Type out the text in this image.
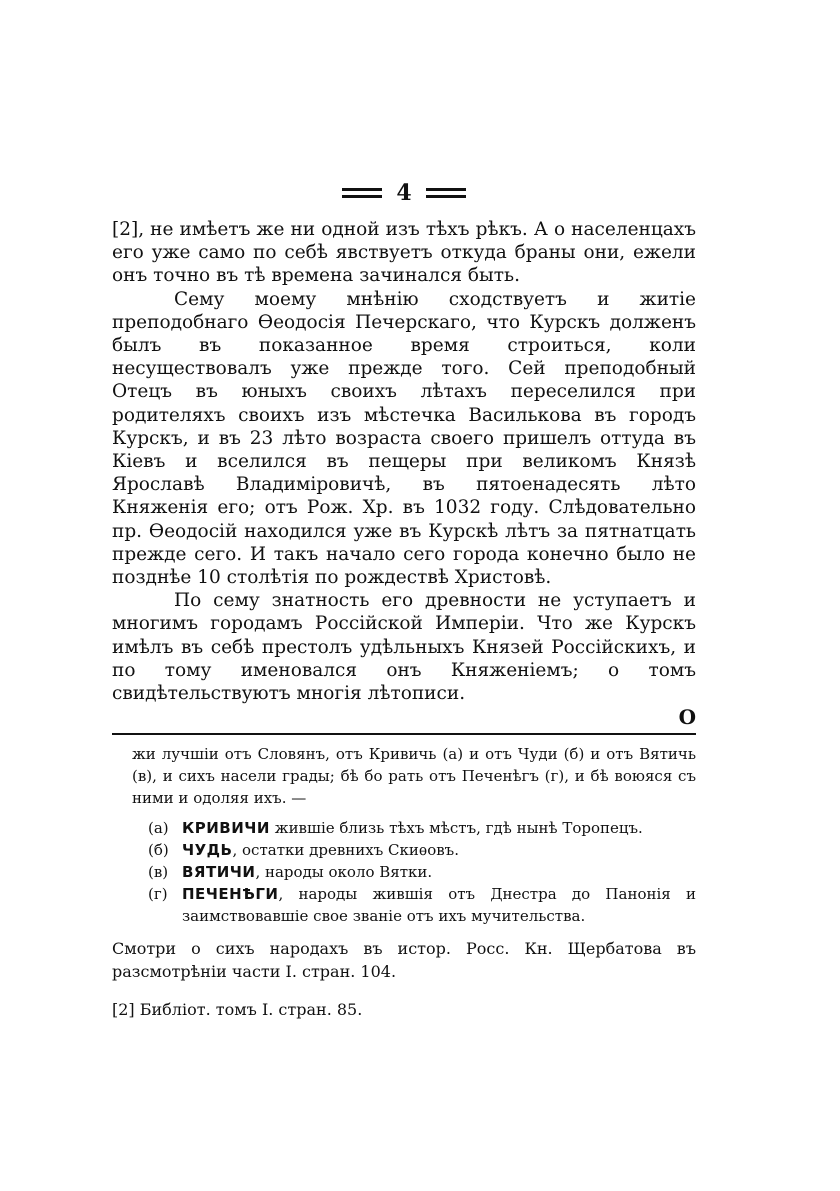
4

[2], не имѣетъ же ни одной изъ тѣхъ рѣкъ. А о населенцахъ его уже само по себѣ явствуетъ откуда браны они, ежели онъ точно въ тѣ времена зачинался быть.

Сему моему мнѣнію сходствуетъ и житіе преподобнаго Ѳеодосія Печерскаго, что Курскъ долженъ былъ въ показанное время строиться, коли несуществовалъ уже прежде того. Сей преподобный Отецъ въ юныхъ своихъ лѣтахъ переселился при родителяхъ своихъ изъ мѣстечка Василькова въ городъ Курскъ, и въ 23 лѣто возраста своего пришелъ оттуда въ Кіевъ и вселился въ пещеры при великомъ Князѣ Ярославѣ Владиміровичѣ, въ пятоенадесять лѣто Княженія его; отъ Рож. Хр. въ 1032 году. Слѣдовательно пр. Ѳеодосій находился уже въ Курскѣ лѣтъ за пятнатцать прежде сего. И такъ начало сего города конечно было не позднѣе 10 столѣтія по рождествѣ Христовѣ.

По сему знатность его древности не уступаетъ и многимъ городамъ Россійской Имперіи. Что же Курскъ имѣлъ въ себѣ престолъ удѣльныхъ Князей Россійскихъ, и по тому именовался онъ Княженіемъ; о томъ свидѣтельствуютъ многія лѣтописи.

О

жи лучшіи отъ Словянъ, отъ Кривичь (а) и отъ Чуди (б) и отъ Вятичь (в), и сихъ насели грады; бѣ бо рать отъ Печенѣгъ (г), и бѣ воюяся съ ними и одоляя ихъ. —

(а) КРИВИЧИ жившіе близь тѣхъ мѣстъ, гдѣ нынѣ Торопецъ.
(б) ЧУДЬ, остатки древнихъ Скиѳовъ.
(в) ВЯТИЧИ, народы около Вятки.
(г) ПЕЧЕНѢГИ, народы жившія отъ Днестра до Панонія и заимствовавшіе свое званіе отъ ихъ мучительства.

Смотри о сихъ народахъ въ истор. Росс. Кн. Щербатова въ разсмотрѣніи части I. стран. 104.

[2] Библіот. томъ I. стран. 85.
